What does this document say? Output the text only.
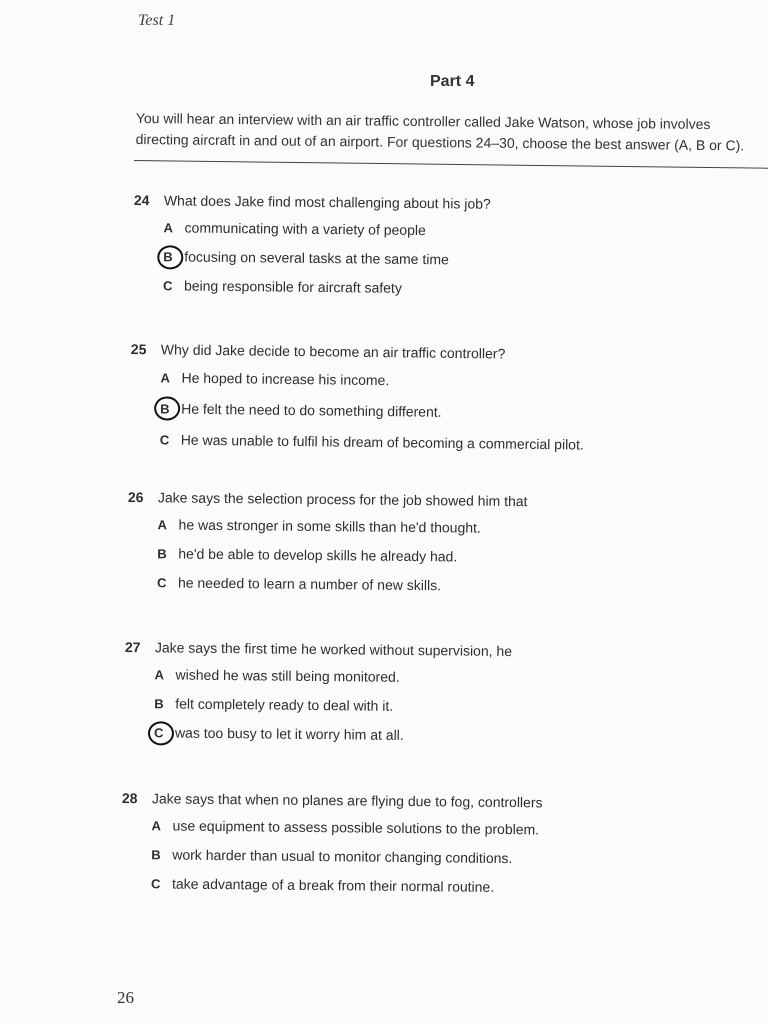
Test 1
Part 4
You will hear an interview with an air traffic controller called Jake Watson, whose job involves
directing aircraft in and out of an airport. For questions 24–30, choose the best answer (A, B or C).
24 What does Jake find most challenging about his job?
A communicating with a variety of people
B focusing on several tasks at the same time
C being responsible for aircraft safety
25 Why did Jake decide to become an air traffic controller?
A He hoped to increase his income.
B He felt the need to do something different.
C He was unable to fulfil his dream of becoming a commercial pilot.
26 Jake says the selection process for the job showed him that
A he was stronger in some skills than he'd thought.
B he'd be able to develop skills he already had.
C he needed to learn a number of new skills.
27 Jake says the first time he worked without supervision, he
A wished he was still being monitored.
B felt completely ready to deal with it.
C was too busy to let it worry him at all.
28 Jake says that when no planes are flying due to fog, controllers
A use equipment to assess possible solutions to the problem.
B work harder than usual to monitor changing conditions.
C take advantage of a break from their normal routine.
26
